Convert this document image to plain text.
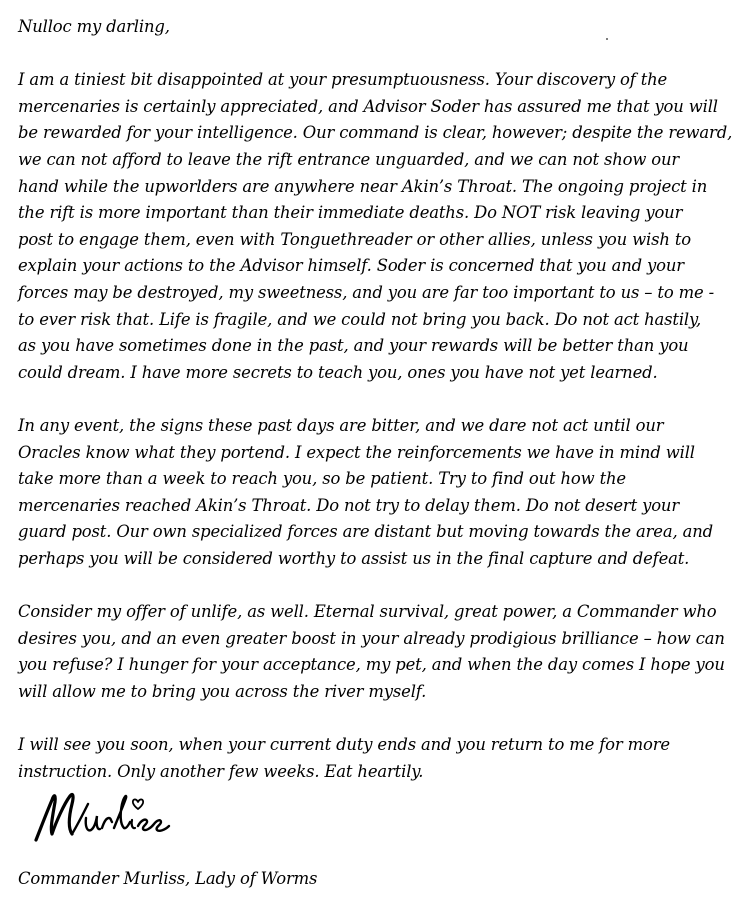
Nulloc my darling,

I am a tiniest bit disappointed at your presumptuousness. Your discovery of the
mercenaries is certainly appreciated, and Advisor Soder has assured me that you will
be rewarded for your intelligence. Our command is clear, however; despite the reward,
we can not afford to leave the rift entrance unguarded, and we can not show our
hand while the upworlders are anywhere near Akin’s Throat. The ongoing project in
the rift is more important than their immediate deaths. Do NOT risk leaving your
post to engage them, even with Tonguethreader or other allies, unless you wish to
explain your actions to the Advisor himself. Soder is concerned that you and your
forces may be destroyed, my sweetness, and you are far too important to us – to me -
to ever risk that. Life is fragile, and we could not bring you back. Do not act hastily,
as you have sometimes done in the past, and your rewards will be better than you
could dream. I have more secrets to teach you, ones you have not yet learned.

In any event, the signs these past days are bitter, and we dare not act until our
Oracles know what they portend. I expect the reinforcements we have in mind will
take more than a week to reach you, so be patient. Try to find out how the
mercenaries reached Akin’s Throat. Do not try to delay them. Do not desert your
guard post. Our own specialized forces are distant but moving towards the area, and
perhaps you will be considered worthy to assist us in the final capture and defeat.

Consider my offer of unlife, as well. Eternal survival, great power, a Commander who
desires you, and an even greater boost in your already prodigious brilliance – how can
you refuse? I hunger for your acceptance, my pet, and when the day comes I hope you
will allow me to bring you across the river myself.

I will see you soon, when your current duty ends and you return to me for more
instruction. Only another few weeks. Eat heartily.

Commander Murliss, Lady of Worms
